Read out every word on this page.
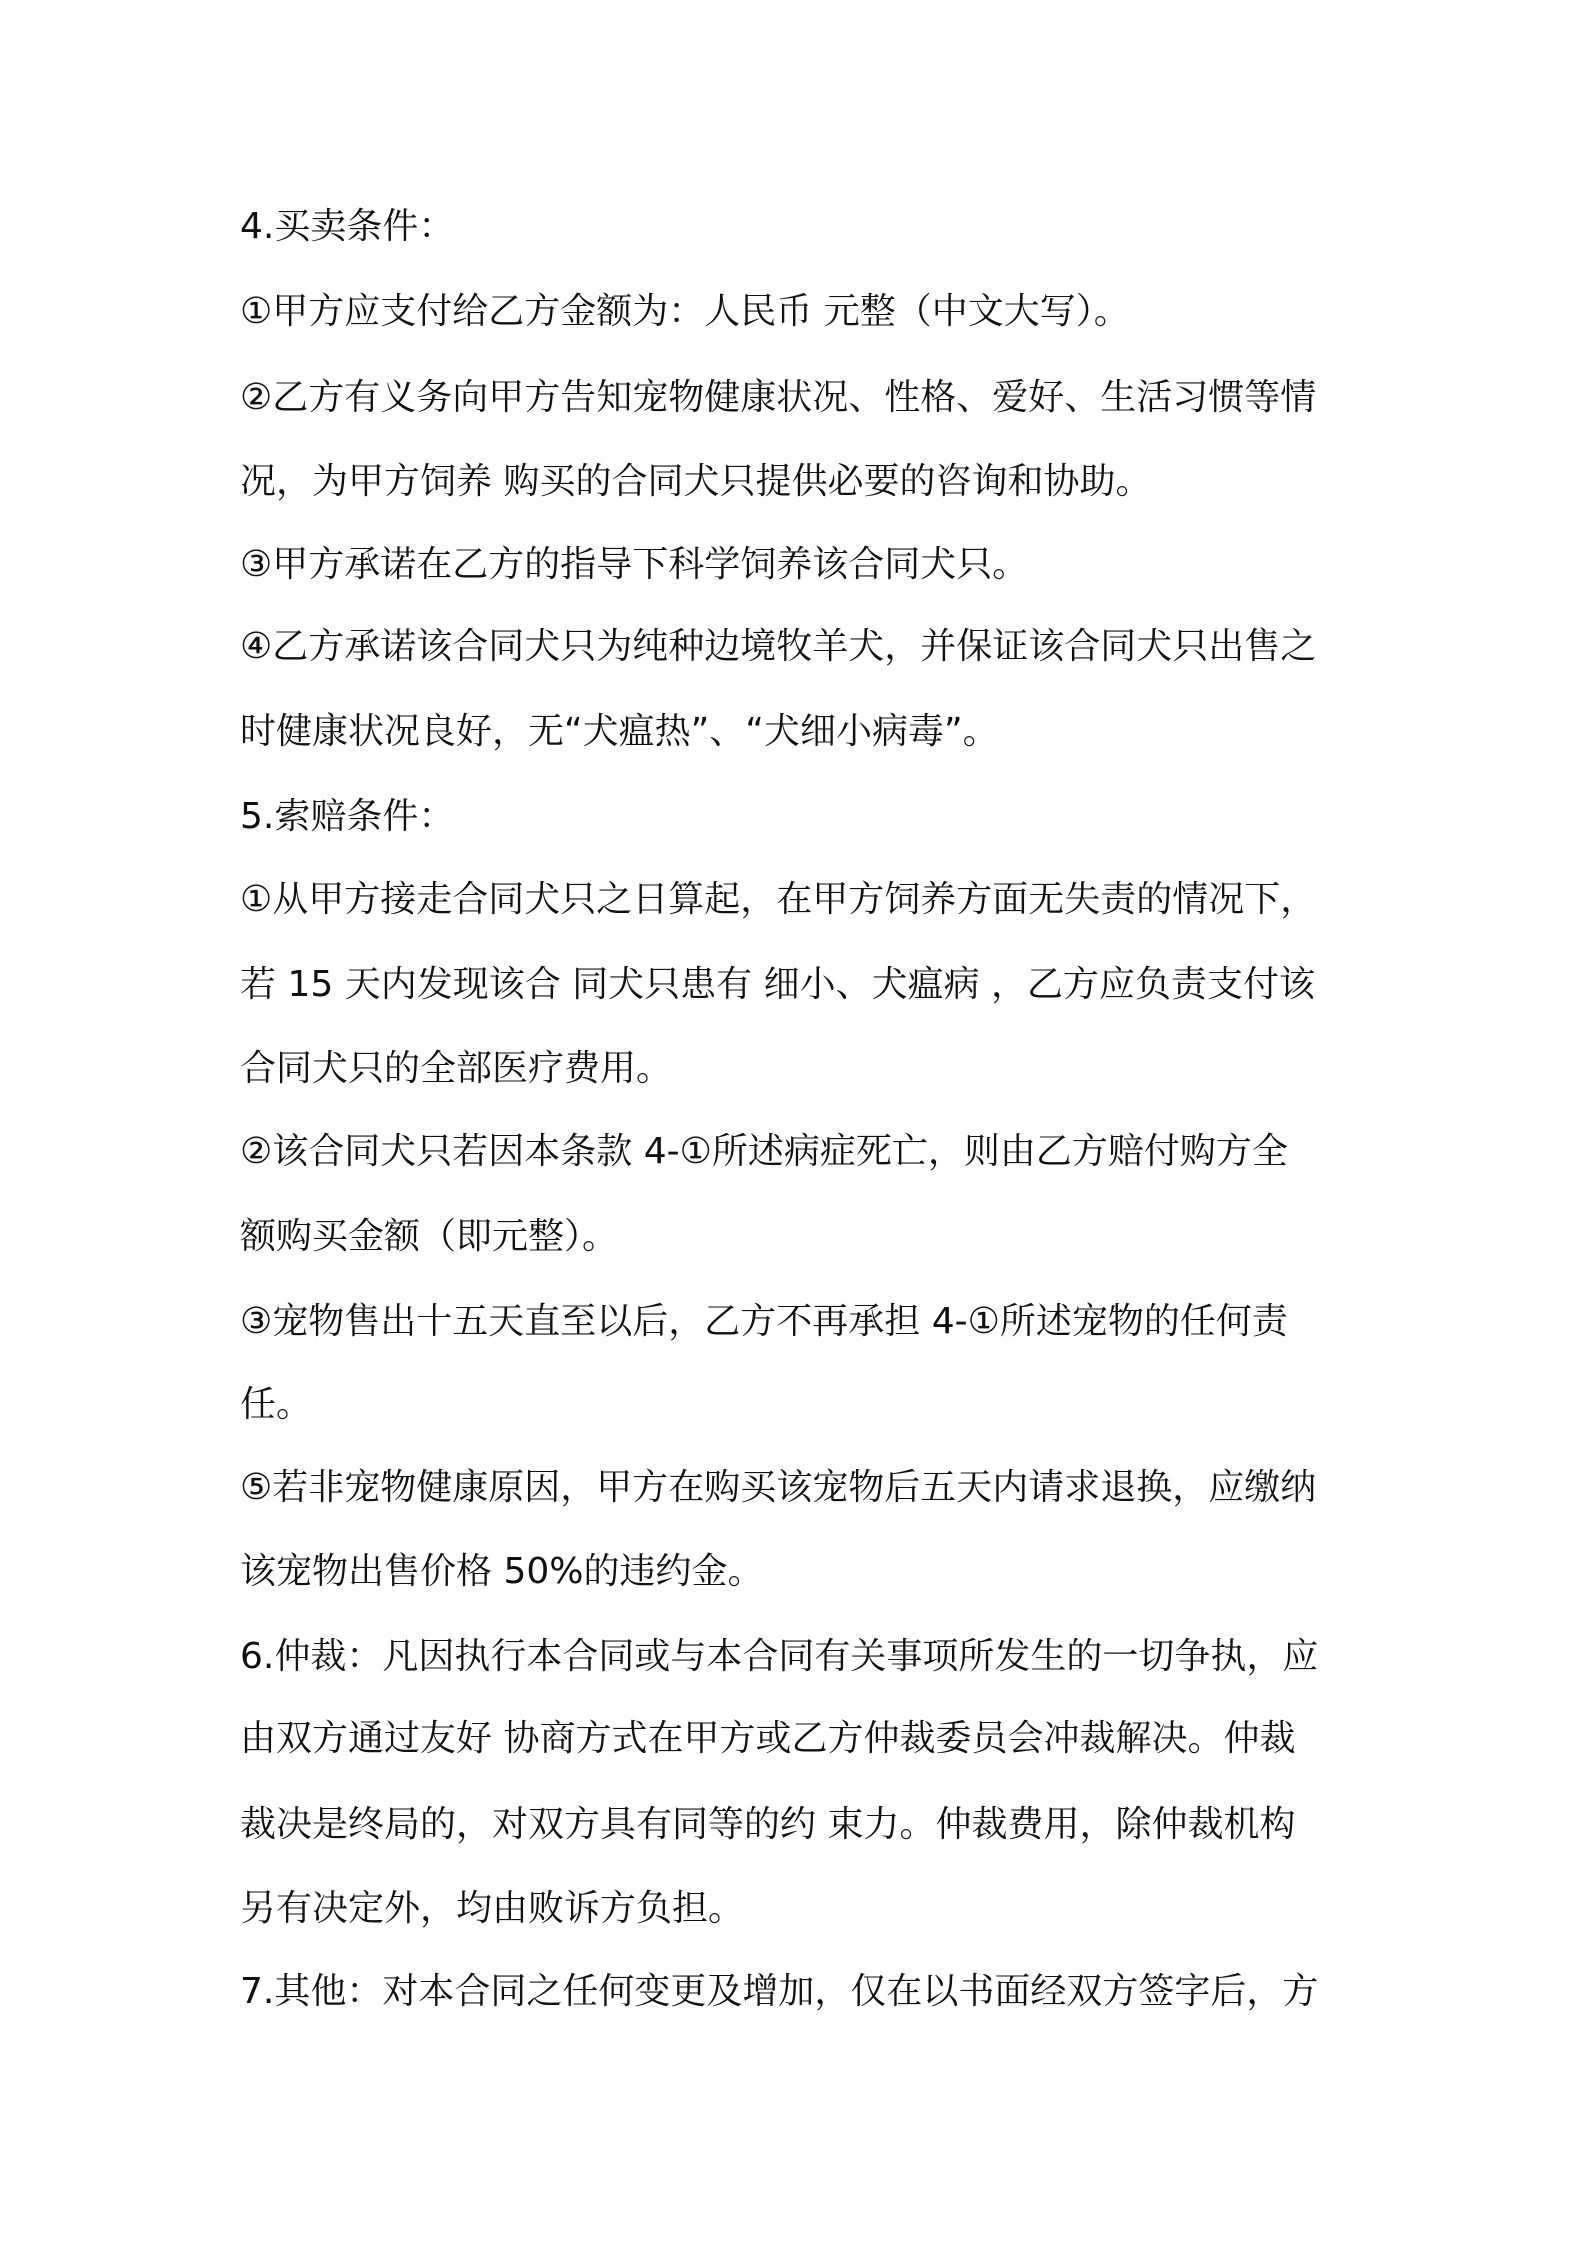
4.买卖条件：
①甲方应支付给乙方金额为：人民币 元整（中文大写）。
②乙方有义务向甲方告知宠物健康状况、性格、爱好、生活习惯等情
况，为甲方饲养 购买的合同犬只提供必要的咨询和协助。
③甲方承诺在乙方的指导下科学饲养该合同犬只。
④乙方承诺该合同犬只为纯种边境牧羊犬，并保证该合同犬只出售之
时健康状况良好，无“犬瘟热”、“犬细小病毒”。
5.索赔条件：
①从甲方接走合同犬只之日算起，在甲方饲养方面无失责的情况下，
若 15 天内发现该合 同犬只患有 细小、犬瘟病 ，乙方应负责支付该
合同犬只的全部医疗费用。
②该合同犬只若因本条款 4-①所述病症死亡，则由乙方赔付购方全
额购买金额（即元整）。
③宠物售出十五天直至以后，乙方不再承担 4-①所述宠物的任何责
任。
⑤若非宠物健康原因，甲方在购买该宠物后五天内请求退换，应缴纳
该宠物出售价格 50%的违约金。
6.仲裁：凡因执行本合同或与本合同有关事项所发生的一切争执，应
由双方通过友好 协商方式在甲方或乙方仲裁委员会冲裁解决。仲裁
裁决是终局的，对双方具有同等的约 束力。仲裁费用，除仲裁机构
另有决定外，均由败诉方负担。
7.其他：对本合同之任何变更及增加，仅在以书面经双方签字后，方
